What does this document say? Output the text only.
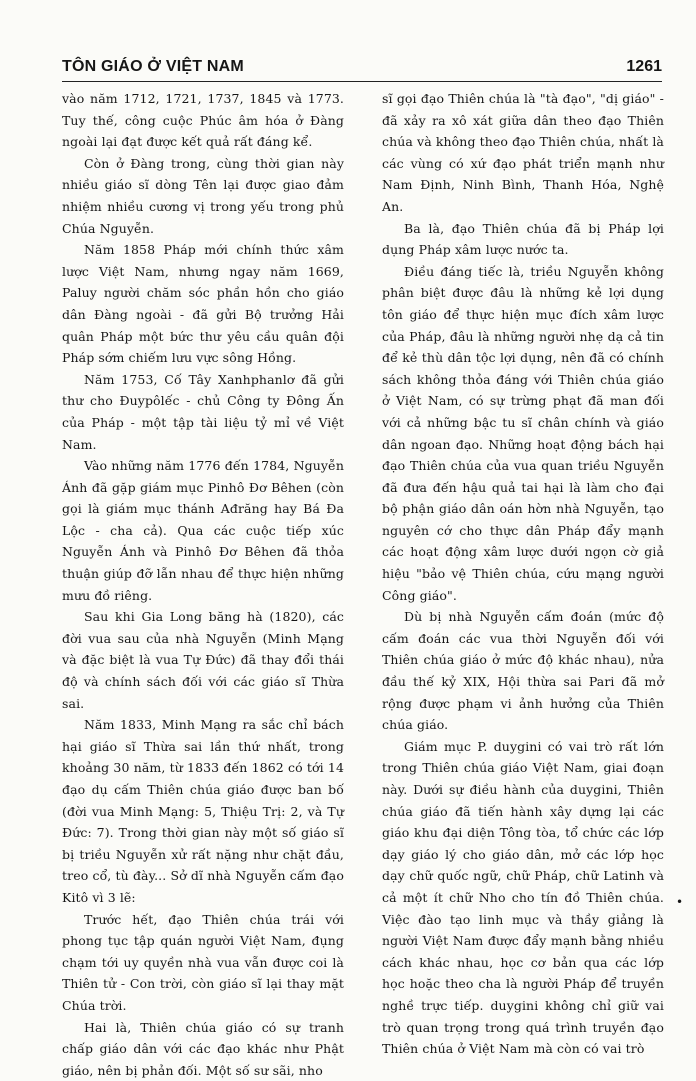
TÔN GIÁO Ở VIỆT NAM	1261

vào năm 1712, 1721, 1737, 1845 và 1773. Tuy thế, công cuộc Phúc âm hóa ở Đàng ngoài lại đạt được kết quả rất đáng kể.

Còn ở Đàng trong, cùng thời gian này nhiều giáo sĩ dòng Tên lại được giao đảm nhiệm nhiều cương vị trong yếu trong phủ Chúa Nguyễn.

Năm 1858 Pháp mới chính thức xâm lược Việt Nam, nhưng ngay năm 1669, Paluy người chăm sóc phần hồn cho giáo dân Đàng ngoài - đã gửi Bộ trưởng Hải quân Pháp một bức thư yêu cầu quân đội Pháp sớm chiếm lưu vực sông Hồng.

Năm 1753, Cố Tây Xanhphanlơ đã gửi thư cho Đuypôlếc - chủ Công ty Đông Ấn của Pháp - một tập tài liệu tỷ mỉ về Việt Nam.

Vào những năm 1776 đến 1784, Nguyễn Ánh đã gặp giám mục Pinhô Đơ Bêhen (còn gọi là giám mục thánh Ađrăng hay Bá Đa Lộc - cha cả). Qua các cuộc tiếp xúc Nguyễn Ánh và Pinhô Đơ Bêhen đã thỏa thuận giúp đỡ lẫn nhau để thực hiện những mưu đồ riêng.

Sau khi Gia Long băng hà (1820), các đời vua sau của nhà Nguyễn (Minh Mạng và đặc biệt là vua Tự Đức) đã thay đổi thái độ và chính sách đối với các giáo sĩ Thừa sai.

Năm 1833, Minh Mạng ra sắc chỉ bách hại giáo sĩ Thừa sai lần thứ nhất, trong khoảng 30 năm, từ 1833 đến 1862 có tới 14 đạo dụ cấm Thiên chúa giáo được ban bố (đời vua Minh Mạng: 5, Thiệu Trị: 2, và Tự Đức: 7). Trong thời gian này một số giáo sĩ bị triều Nguyễn xử rất nặng như chặt đầu, treo cổ, tù đày... Sở dĩ nhà Nguyễn cấm đạo Kitô vì 3 lẽ:

Trước hết, đạo Thiên chúa trái với phong tục tập quán người Việt Nam, đụng chạm tới uy quyền nhà vua vẫn được coi là Thiên tử - Con trời, còn giáo sĩ lại thay mặt Chúa trời.

Hai là, Thiên chúa giáo có sự tranh chấp giáo dân với các đạo khác như Phật giáo, nên bị phản đối. Một số sư sãi, nho

sĩ gọi đạo Thiên chúa là "tà đạo", "dị giáo" - đã xảy ra xô xát giữa dân theo đạo Thiên chúa và không theo đạo Thiên chúa, nhất là các vùng có xứ đạo phát triển mạnh như Nam Định, Ninh Bình, Thanh Hóa, Nghệ An.

Ba là, đạo Thiên chúa đã bị Pháp lợi dụng Pháp xâm lược nước ta.

Điều đáng tiếc là, triều Nguyễn không phân biệt được đâu là những kẻ lợi dụng tôn giáo để thực hiện mục đích xâm lược của Pháp, đâu là những người nhẹ dạ cả tin để kẻ thù dân tộc lợi dụng, nên đã có chính sách không thỏa đáng với Thiên chúa giáo ở Việt Nam, có sự trừng phạt đã man đối với cả những bậc tu sĩ chân chính và giáo dân ngoan đạo. Những hoạt động bách hại đạo Thiên chúa của vua quan triều Nguyễn đã đưa đến hậu quả tai hại là làm cho đại bộ phận giáo dân oán hờn nhà Nguyễn, tạo nguyên cớ cho thực dân Pháp đẩy mạnh các hoạt động xâm lược dưới ngọn cờ giả hiệu "bảo vệ Thiên chúa, cứu mạng người Công giáo".

Dù bị nhà Nguyễn cấm đoán (mức độ cấm đoán các vua thời Nguyễn đối với Thiên chúa giáo ở mức độ khác nhau), nửa đầu thế kỷ XIX, Hội thừa sai Pari đã mở rộng được phạm vi ảnh hưởng của Thiên chúa giáo.

Giám mục P. duygini có vai trò rất lớn trong Thiên chúa giáo Việt Nam, giai đoạn này. Dưới sự điều hành của duygini, Thiên chúa giáo đã tiến hành xây dựng lại các giáo khu đại diện Tông tòa, tổ chức các lớp dạy giáo lý cho giáo dân, mở các lớp học dạy chữ quốc ngữ, chữ Pháp, chữ Latinh và cả một ít chữ Nho cho tín đồ Thiên chúa. Việc đào tạo linh mục và thầy giảng là người Việt Nam được đẩy mạnh bằng nhiều cách khác nhau, học cơ bản qua các lớp học hoặc theo cha là người Pháp để truyền nghề trực tiếp. duygini không chỉ giữ vai trò quan trọng trong quá trình truyền đạo Thiên chúa ở Việt Nam mà còn có vai trò

•
